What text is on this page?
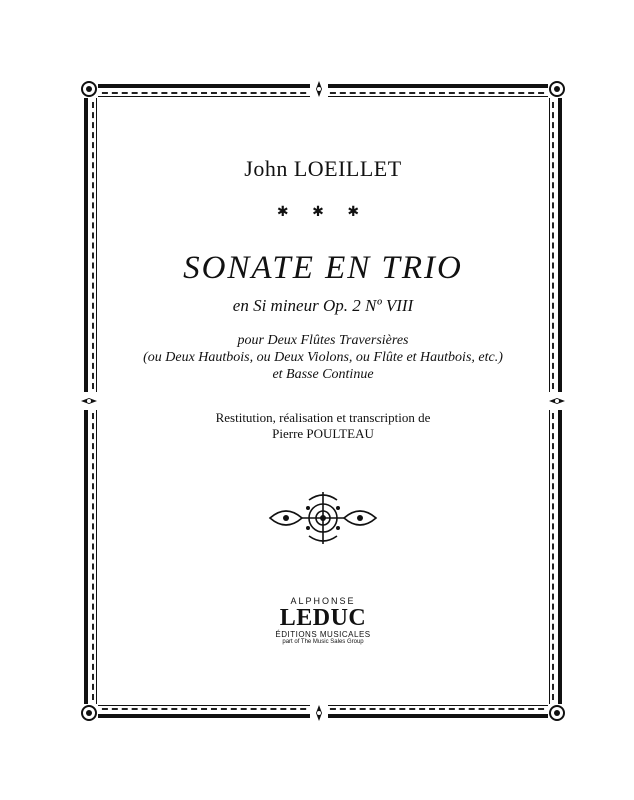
John LOEILLET
✱ ✱ ✱
SONATE EN TRIO
en Si mineur Op. 2 Nº VIII
pour Deux Flûtes Traversières
(ou Deux Hautbois, ou Deux Violons, ou Flûte et Hautbois, etc.)
et Basse Continue
Restitution, réalisation et transcription de
Pierre POULTEAU
ALPHONSE
LEDUC
ÉDITIONS MUSICALES
part of The Music Sales Group
